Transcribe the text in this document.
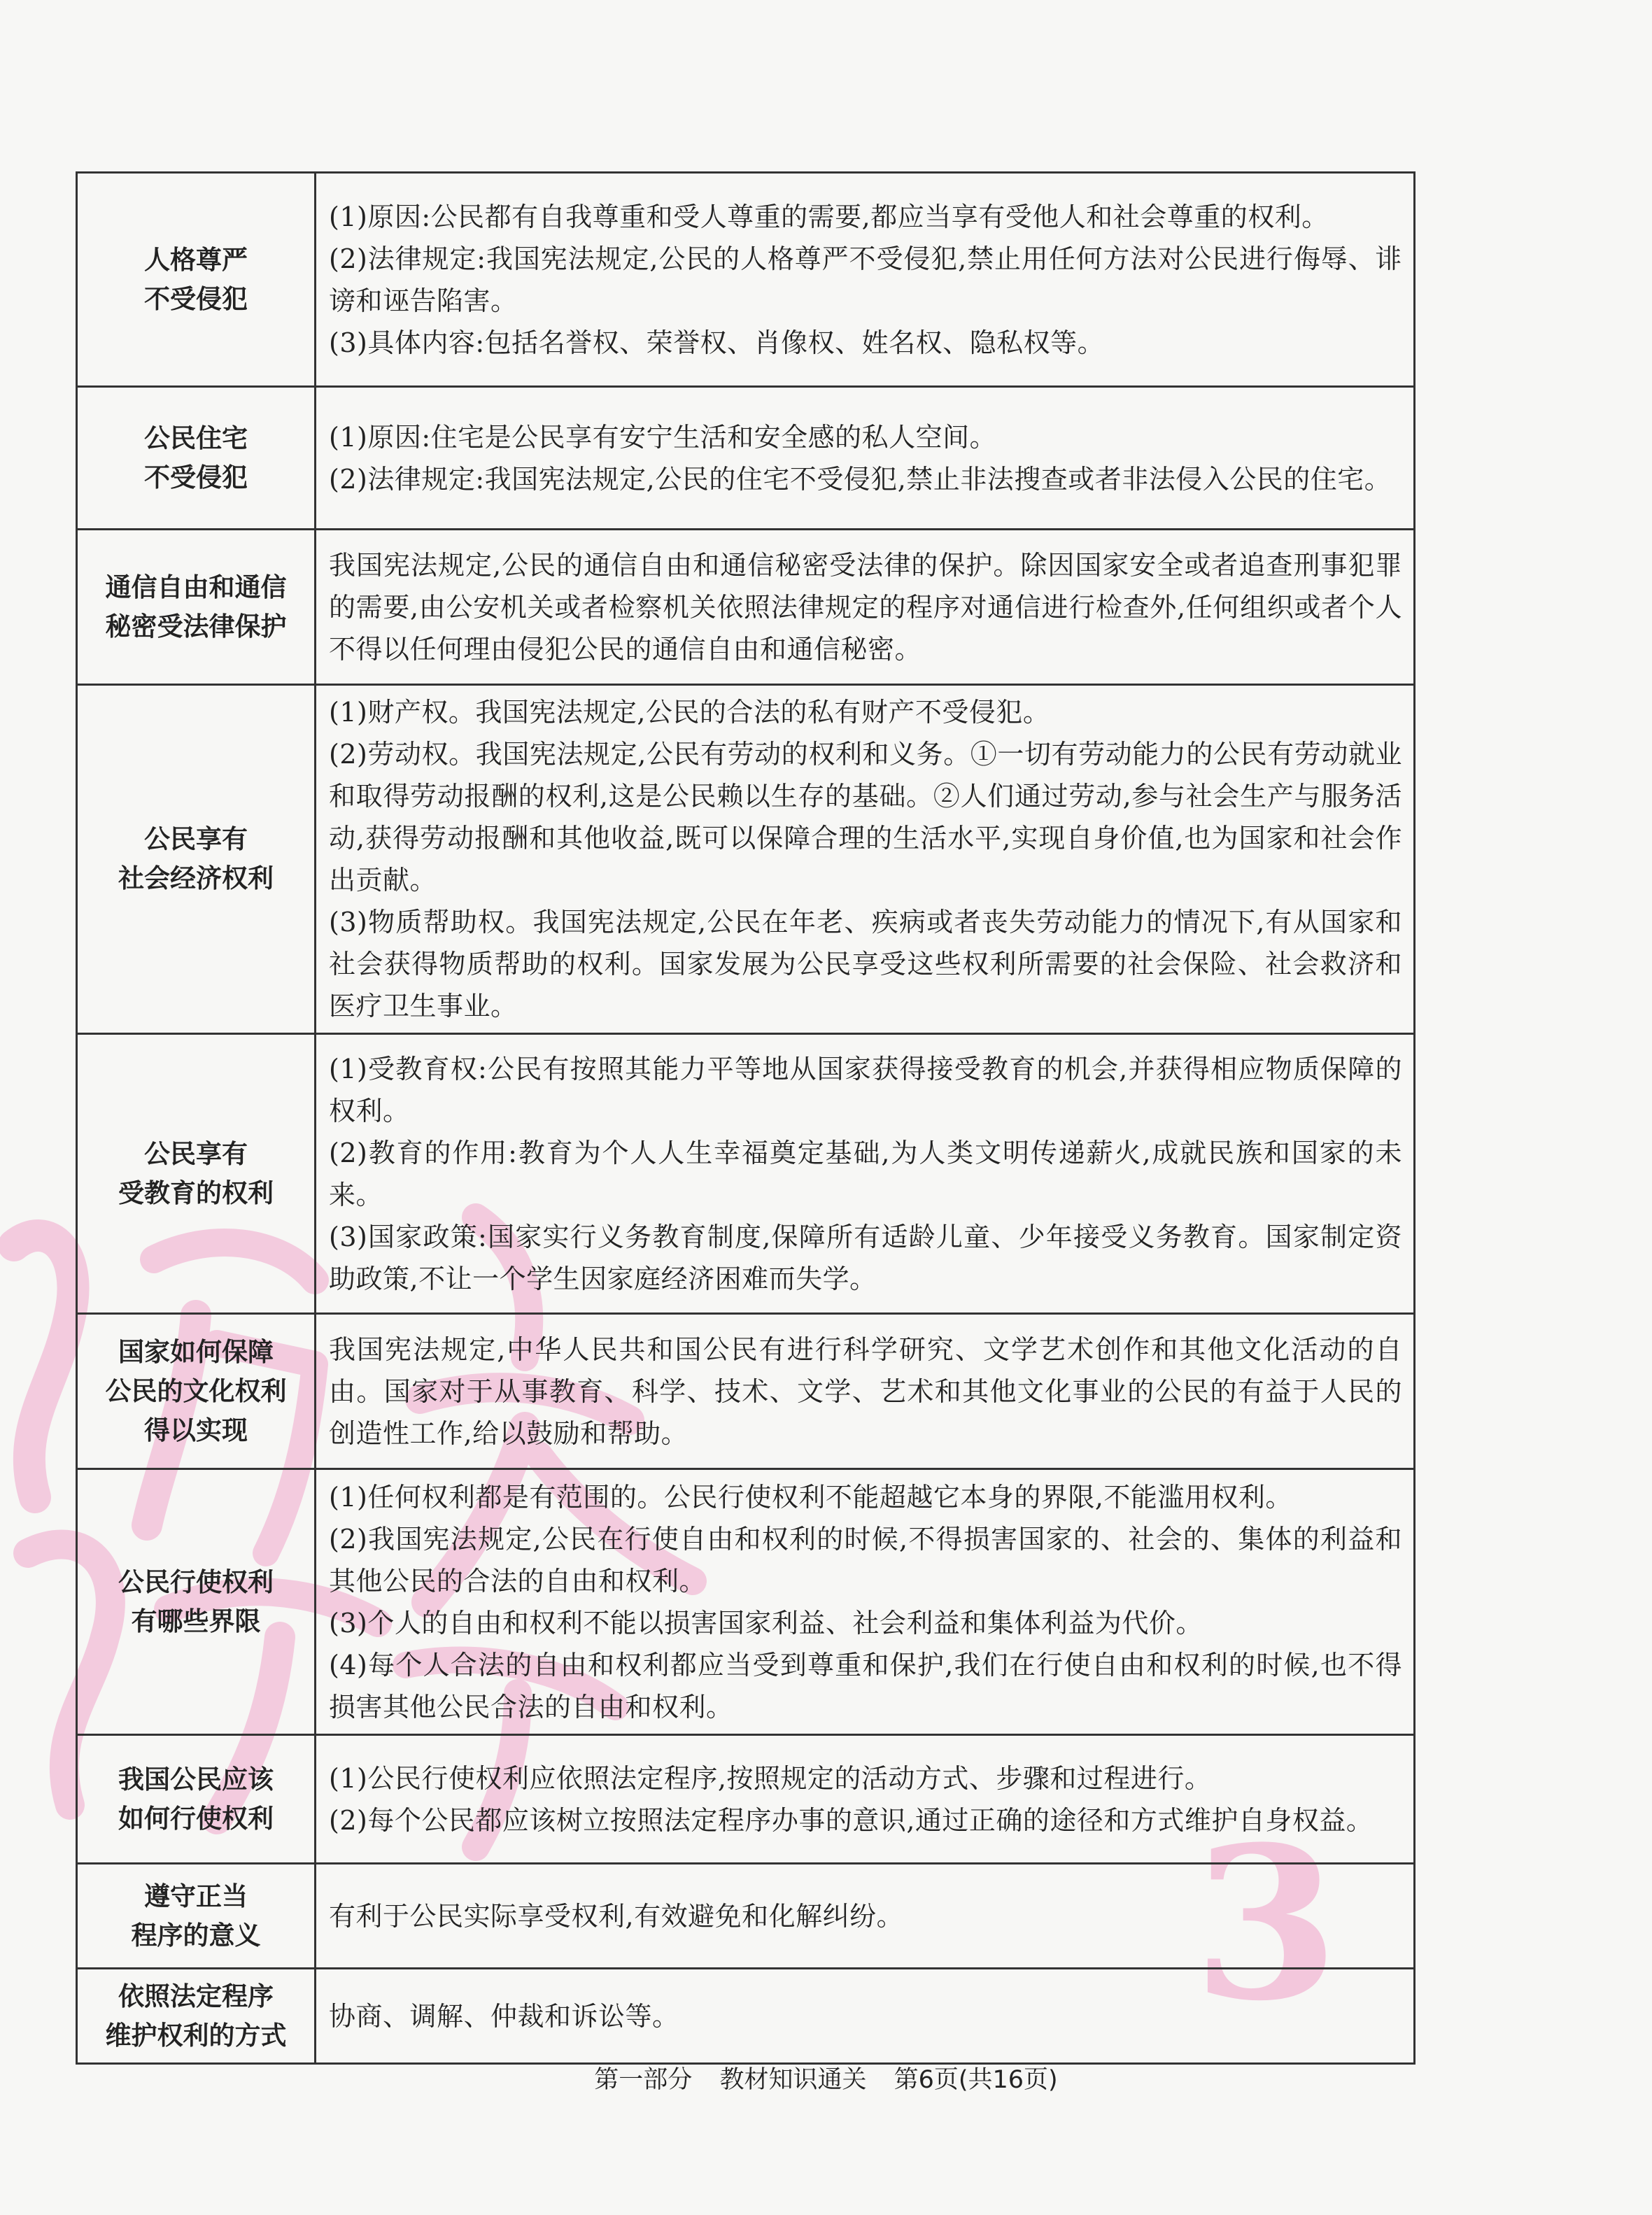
3
人格尊严
不受侵犯	(1)原因:公民都有自我尊重和受人尊重的需要,都应当享有受他人和社会尊重的权利。
(2)法律规定:我国宪法规定,公民的人格尊严不受侵犯,禁止用任何方法对公民进行侮辱、诽谤和诬告陷害。
(3)具体内容:包括名誉权、荣誉权、肖像权、姓名权、隐私权等。

公民住宅
不受侵犯	(1)原因:住宅是公民享有安宁生活和安全感的私人空间。
(2)法律规定:我国宪法规定,公民的住宅不受侵犯,禁止非法搜查或者非法侵入公民的住宅。

通信自由和通信
秘密受法律保护	我国宪法规定,公民的通信自由和通信秘密受法律的保护。除因国家安全或者追查刑事犯罪的需要,由公安机关或者检察机关依照法律规定的程序对通信进行检查外,任何组织或者个人不得以任何理由侵犯公民的通信自由和通信秘密。

公民享有
社会经济权利	(1)财产权。我国宪法规定,公民的合法的私有财产不受侵犯。
(2)劳动权。我国宪法规定,公民有劳动的权利和义务。①一切有劳动能力的公民有劳动就业和取得劳动报酬的权利,这是公民赖以生存的基础。②人们通过劳动,参与社会生产与服务活动,获得劳动报酬和其他收益,既可以保障合理的生活水平,实现自身价值,也为国家和社会作出贡献。
(3)物质帮助权。我国宪法规定,公民在年老、疾病或者丧失劳动能力的情况下,有从国家和社会获得物质帮助的权利。国家发展为公民享受这些权利所需要的社会保险、社会救济和医疗卫生事业。

公民享有
受教育的权利	(1)受教育权:公民有按照其能力平等地从国家获得接受教育的机会,并获得相应物质保障的权利。
(2)教育的作用:教育为个人人生幸福奠定基础,为人类文明传递薪火,成就民族和国家的未来。
(3)国家政策:国家实行义务教育制度,保障所有适龄儿童、少年接受义务教育。国家制定资助政策,不让一个学生因家庭经济困难而失学。

国家如何保障
公民的文化权利
得以实现	我国宪法规定,中华人民共和国公民有进行科学研究、文学艺术创作和其他文化活动的自由。国家对于从事教育、科学、技术、文学、艺术和其他文化事业的公民的有益于人民的创造性工作,给以鼓励和帮助。

公民行使权利
有哪些界限	(1)任何权利都是有范围的。公民行使权利不能超越它本身的界限,不能滥用权利。
(2)我国宪法规定,公民在行使自由和权利的时候,不得损害国家的、社会的、集体的利益和其他公民的合法的自由和权利。
(3)个人的自由和权利不能以损害国家利益、社会利益和集体利益为代价。
(4)每个人合法的自由和权利都应当受到尊重和保护,我们在行使自由和权利的时候,也不得损害其他公民合法的自由和权利。

我国公民应该
如何行使权利	(1)公民行使权利应依照法定程序,按照规定的活动方式、步骤和过程进行。
(2)每个公民都应该树立按照法定程序办事的意识,通过正确的途径和方式维护自身权益。

遵守正当
程序的意义	有利于公民实际享受权利,有效避免和化解纠纷。

依照法定程序
维护权利的方式	协商、调解、仲裁和诉讼等。
第一部分 教材知识通关 第6页(共16页)
